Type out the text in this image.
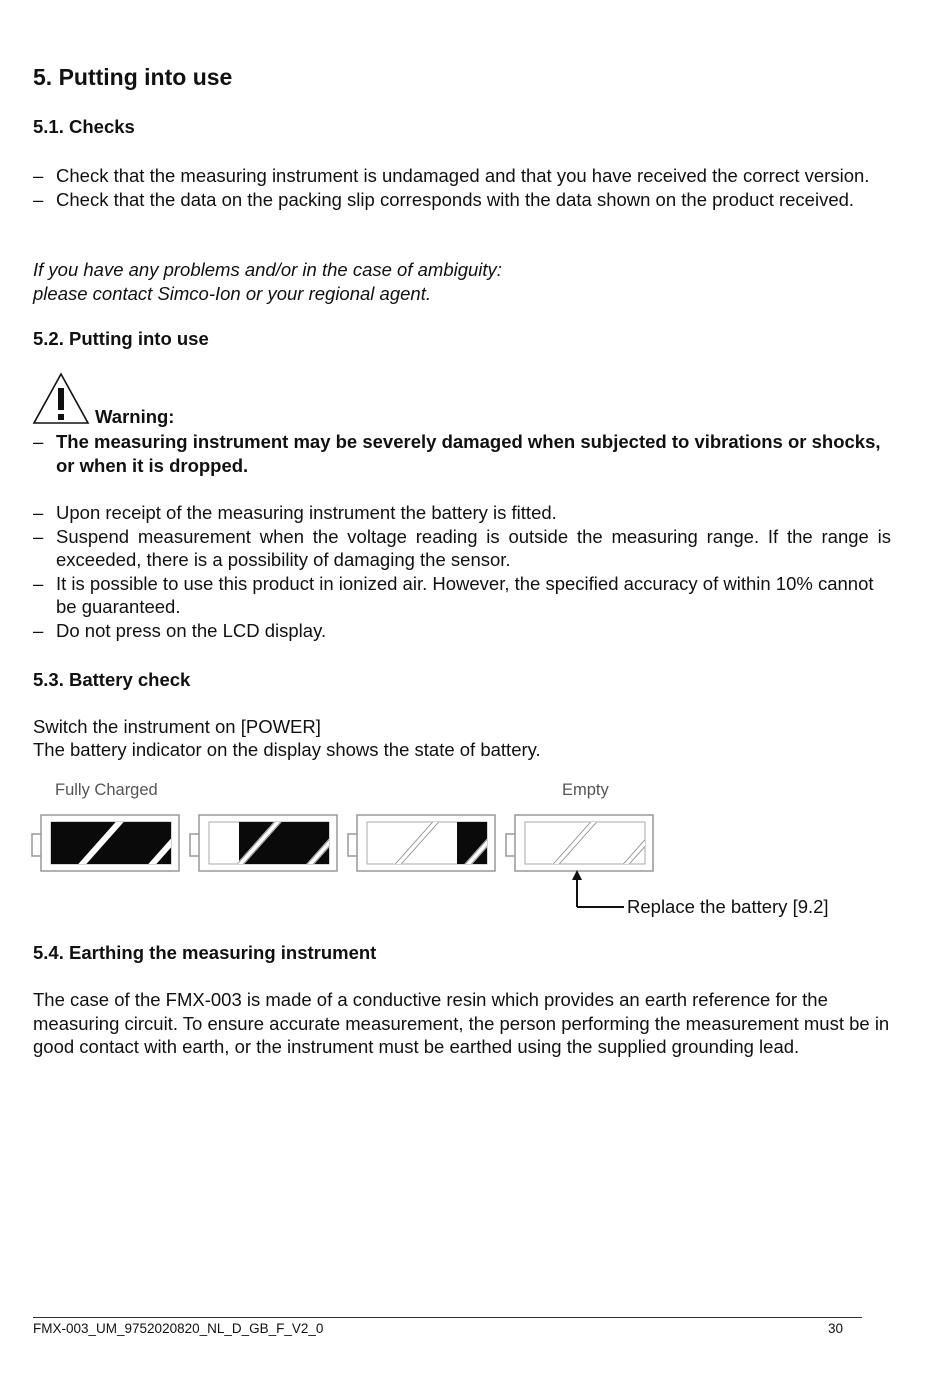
5. Putting into use
5.1. Checks
– Check that the measuring instrument is undamaged and that you have received the correct version.
– Check that the data on the packing slip corresponds with the data shown on the product received.
If you have any problems and/or in the case of ambiguity:
please contact Simco-Ion or your regional agent.
5.2. Putting into use
Warning:
– The measuring instrument may be severely damaged when subjected to vibrations or shocks, or when it is dropped.
– Upon receipt of the measuring instrument the battery is fitted.
– Suspend measurement when the voltage reading is outside the measuring range. If the range is exceeded, there is a possibility of damaging the sensor.
– It is possible to use this product in ionized air. However, the specified accuracy of within 10% cannot be guaranteed.
– Do not press on the LCD display.
5.3. Battery check
Switch the instrument on [POWER]
The battery indicator on the display shows the state of battery.
Fully Charged	Empty
Replace the battery [9.2]
5.4. Earthing the measuring instrument
The case of the FMX-003 is made of a conductive resin which provides an earth reference for the measuring circuit. To ensure accurate measurement, the person performing the measurement must be in good contact with earth, or the instrument must be earthed using the supplied grounding lead.
FMX-003_UM_9752020820_NL_D_GB_F_V2_0	30
